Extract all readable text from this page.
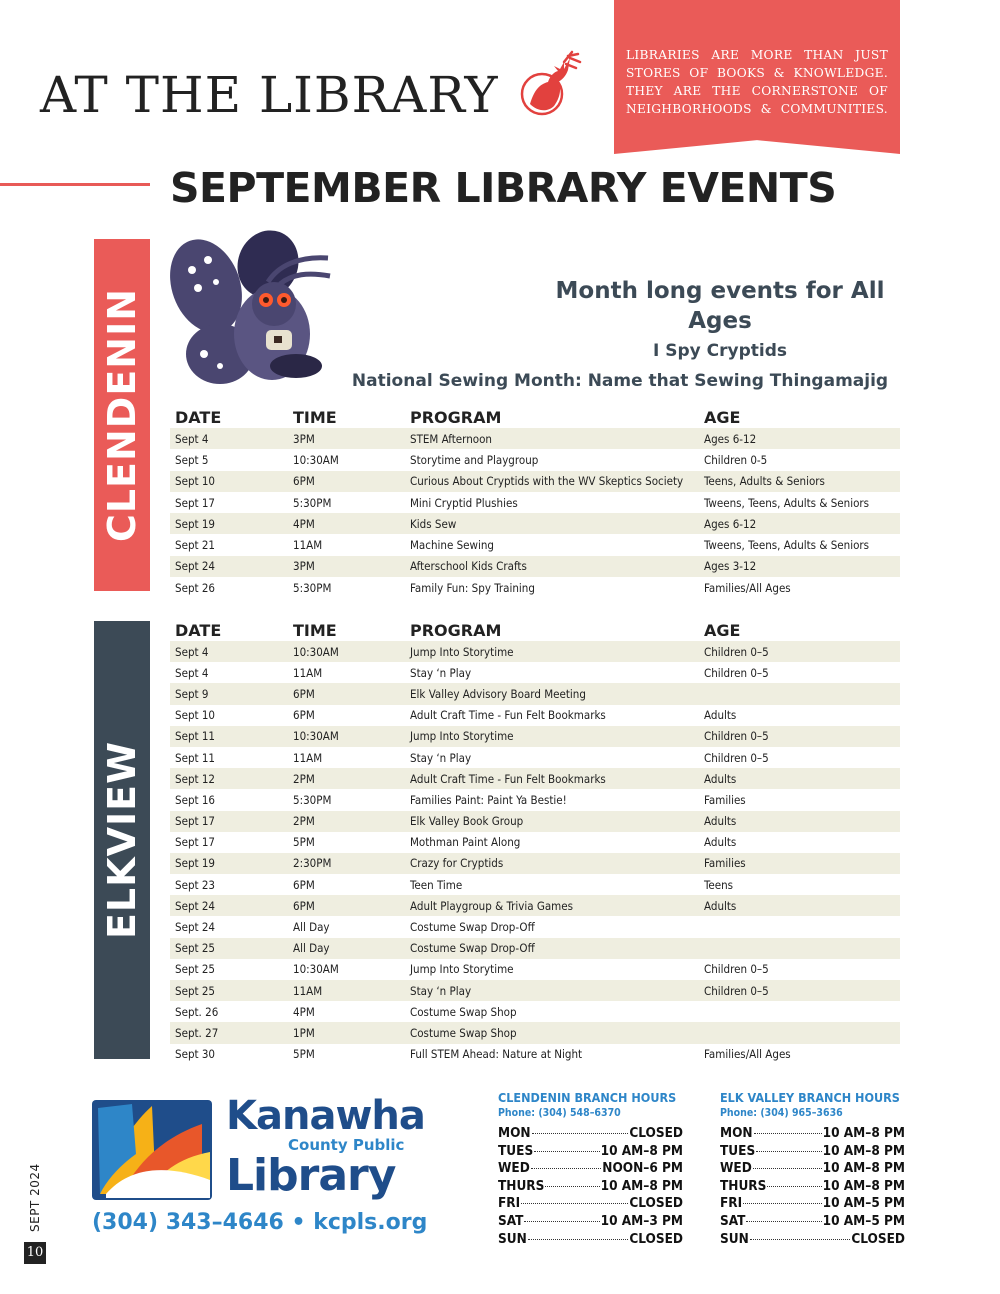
AT THE LIBRARY
LIBRARIES ARE MORE THAN JUST STORES OF BOOKS & KNOWLEDGE. THEY ARE THE CORNERSTONE OF NEIGHBORHOODS & COMMUNITIES.
SEPTEMBER LIBRARY EVENTS
CLENDENIN	Month long events for All Ages
I Spy Cryptids
National Sewing Month: Name that Sewing Thingamajig
DATE	TIME	PROGRAM	AGE
Sept 4	3PM	STEM Afternoon	Ages 6-12
Sept 5	10:30AM	Storytime and Playgroup	Children 0-5
Sept 10	6PM	Curious About Cryptids with the WV Skeptics Society	Teens, Adults & Seniors
Sept 17	5:30PM	Mini Cryptid Plushies	Tweens, Teens, Adults & Seniors
Sept 19	4PM	Kids Sew	Ages 6-12
Sept 21	11AM	Machine Sewing	Tweens, Teens, Adults & Seniors
Sept 24	3PM	Afterschool Kids Crafts	Ages 3-12
Sept 26	5:30PM	Family Fun: Spy Training	Families/All Ages
ELKVIEW
DATE	TIME	PROGRAM	AGE
Sept 4	10:30AM	Jump Into Storytime	Children 0–5
Sept 4	11AM	Stay ‘n Play	Children 0–5
Sept 9	6PM	Elk Valley Advisory Board Meeting	
Sept 10	6PM	Adult Craft Time - Fun Felt Bookmarks	Adults
Sept 11	10:30AM	Jump Into Storytime	Children 0–5
Sept 11	11AM	Stay ‘n Play	Children 0–5
Sept 12	2PM	Adult Craft Time - Fun Felt Bookmarks	Adults
Sept 16	5:30PM	Families Paint: Paint Ya Bestie!	Families
Sept 17	2PM	Elk Valley Book Group	Adults
Sept 17	5PM	Mothman Paint Along	Adults
Sept 19	2:30PM	Crazy for Cryptids	Families
Sept 23	6PM	Teen Time	Teens
Sept 24	6PM	Adult Playgroup & Trivia Games	Adults
Sept 24	All Day	Costume Swap Drop-Off	
Sept 25	All Day	Costume Swap Drop-Off	
Sept 25	10:30AM	Jump Into Storytime	Children 0–5
Sept 25	11AM	Stay ‘n Play	Children 0–5
Sept. 26	4PM	Costume Swap Shop	
Sept. 27	1PM	Costume Swap Shop	
Sept 30	5PM	Full STEM Ahead: Nature at Night	Families/All Ages
Kanawha
County Public
Library
(304) 343–4646 • kcpls.org
CLENDENIN BRANCH HOURS
Phone: (304) 548–6370
MON	CLOSED
TUES	10 AM–8 PM
WED	NOON–6 PM
THURS	10 AM–8 PM
FRI	CLOSED
SAT	10 AM–3 PM
SUN	CLOSED
ELK VALLEY BRANCH HOURS
Phone: (304) 965–3636
MON	10 AM–8 PM
TUES	10 AM–8 PM
WED	10 AM–8 PM
THURS	10 AM–8 PM
FRI	10 AM–5 PM
SAT	10 AM–5 PM
SUN	CLOSED
SEPT 2024
10
